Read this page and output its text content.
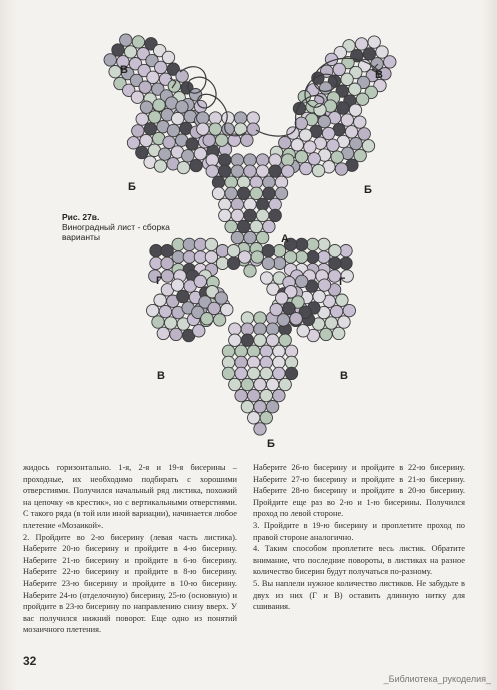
В	В
Б	Б
А
Г	Г
В	В
Б
Рис. 27в.
Виноградный лист - сборка варианты

жидось горизонтально. 1-я, 2-я и 19-я бисерины – проходные, их необходимо подбирать с хорошими отверстиями. Получился начальный ряд листика, похожий на цепочку «в крестик», но с вертикальными отверстиями. С такого ряда (в той или иной вариации), начинается любое плетение «Мозаикой».

2. Пройдите во 2-ю бисерину (левая часть листика). Наберите 20-ю бисерину и пройдите в 4-ю бисерину. Наберите 21-ю бисерину и пройдите в 6-ю бисерину. Наберите 22-ю бисерину и пройдите в 8-ю бисерину. Наберите 23-ю бисерину и пройдите в 10-ю бисерину. Наберите 24-ю (отделочную) бисерину, 25-ю (основную) и пройдите в 23-ю бисерину по направлению снизу вверх. У вас получился нижний поворот. Еще одно из понятий мозаичного плетения.

Наберите 26-ю бисерину и пройдите в 22-ю бисерину. Наберите 27-ю бисерину и пройдите в 21-ю бисерину. Наберите 28-ю бисерину и пройдите в 20-ю бисерину. Пройдите еще раз во 2-ю и 1-ю бисерины. Получился проход по левой стороне.

3. Пройдите в 19-ю бисерину и проплетите проход по правой стороне аналогично.

4. Таким способом проплетите весь листик. Обратите внимание, что последние повороты, в листиках на разное количество бисерин будут получаться по-разному.

5. Вы наплели нужное количество листиков. Не забудьте в двух из них (Г и В) оставить длинную нитку для сшивания.

32
_Библиотека_рукоделия_
